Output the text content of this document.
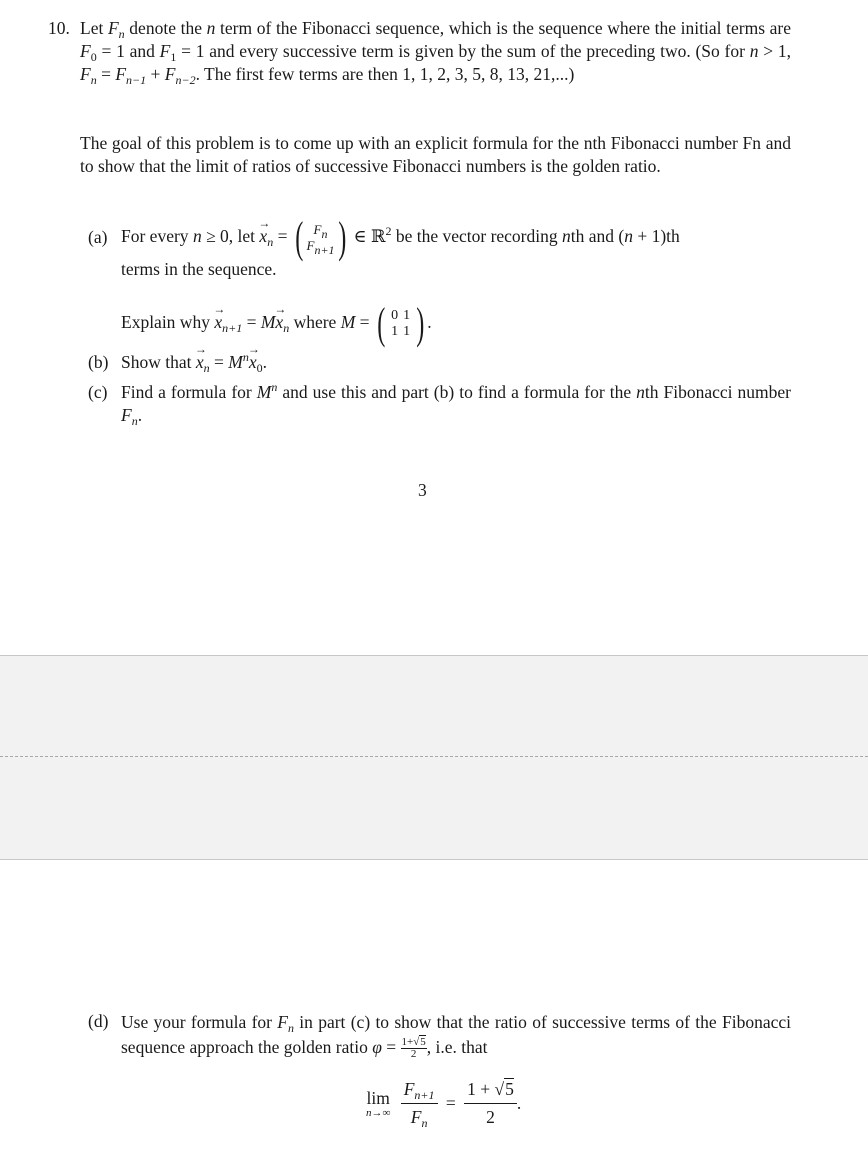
10. Let $F_n$ denote the n term of the Fibonacci sequence, which is the sequence where the initial terms are $F_0 = 1$ and $F_1 = 1$ and every successive term is given by the sum of the preceding two. (So for n > 1, $F_n = F_{n-1} + F_{n-2}$. The first few terms are then 1, 1, 2, 3, 5, 8, 13, 21,...)
The goal of this problem is to come up with an explicit formula for the nth Fibonacci number Fn and to show that the limit of ratios of successive Fibonacci numbers is the golden ratio.
(a) For every n ≥ 0, let → $x_n$ = ( $F_n$
$F_{n+1}$ ) ∈ ℝ$^2$ be the vector recording nth and (n + 1)th
terms in the sequence.
Explain why → $x_{n+1} = M\to x_n$ where M = ( 0 1
1 1 ) .
(b) Show that → $x_n = M^n\to x_0$.
(c) Find a formula for $M^n$ and use this and part (b) to find a formula for the nth Fibonacci number $F_n$.
3
(d) Use your formula for $F_n$ in part (c) to show that the ratio of successive terms of the Fibonacci sequence approach the golden ratio $\varphi = \frac{1+√5}{2}$ , i.e. that
lim
n→∞
$\frac{F_{n+1}}{F_n} = \frac{1 + √5}{2}$ .
